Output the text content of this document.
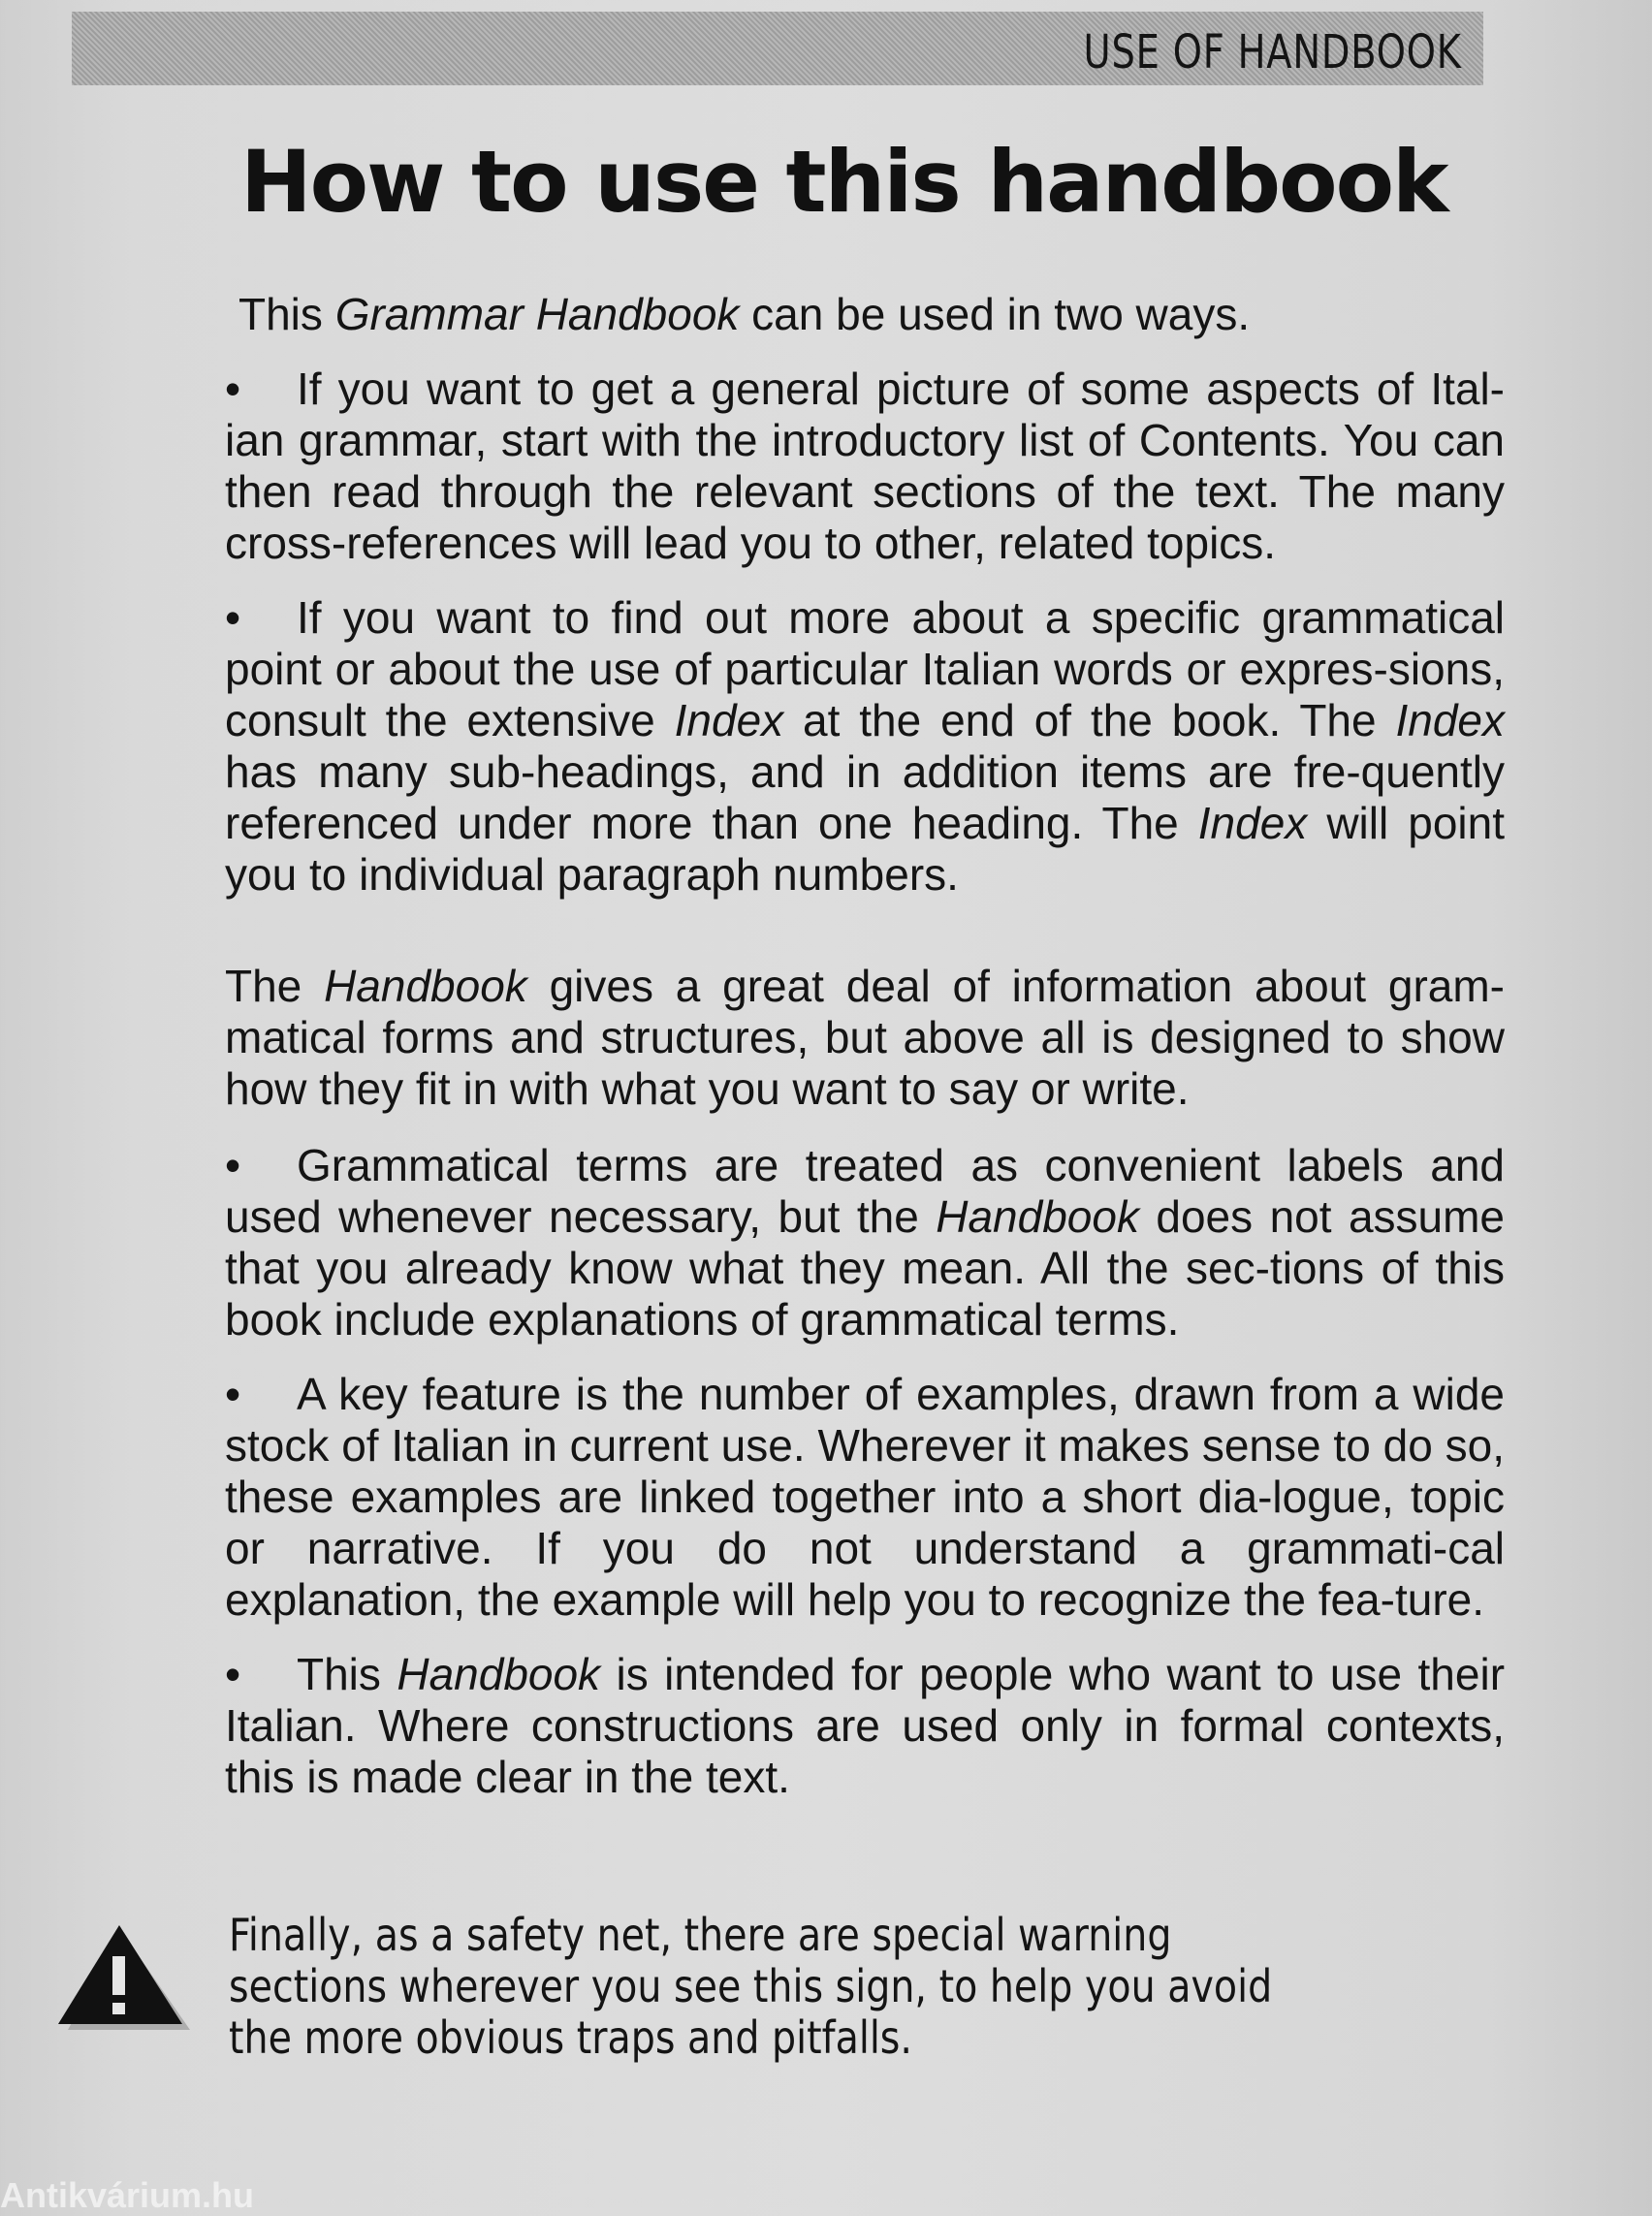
USE OF HANDBOOK
How to use this handbook

This Grammar Handbook can be used in two ways.

• If you want to get a general picture of some aspects of Ital-ian grammar, start with the introductory list of Contents. You can then read through the relevant sections of the text. The many cross-references will lead you to other, related topics.
• If you want to find out more about a specific grammatical point or about the use of particular Italian words or expres-sions, consult the extensive Index at the end of the book. The Index has many sub-headings, and in addition items are fre-quently referenced under more than one heading. The Index will point you to individual paragraph numbers.

The Handbook gives a great deal of information about gram-matical forms and structures, but above all is designed to show how they fit in with what you want to say or write.

• Grammatical terms are treated as convenient labels and used whenever necessary, but the Handbook does not assume that you already know what they mean. All the sec-tions of this book include explanations of grammatical terms.
• A key feature is the number of examples, drawn from a wide stock of Italian in current use. Wherever it makes sense to do so, these examples are linked together into a short dia-logue, topic or narrative. If you do not understand a grammati-cal explanation, the example will help you to recognize the fea-ture.
• This Handbook is intended for people who want to use their Italian. Where constructions are used only in formal contexts, this is made clear in the text.

Finally, as a safety net, there are special warning sections wherever you see this sign, to help you avoid the more obvious traps and pitfalls.

Antikvárium.hu
